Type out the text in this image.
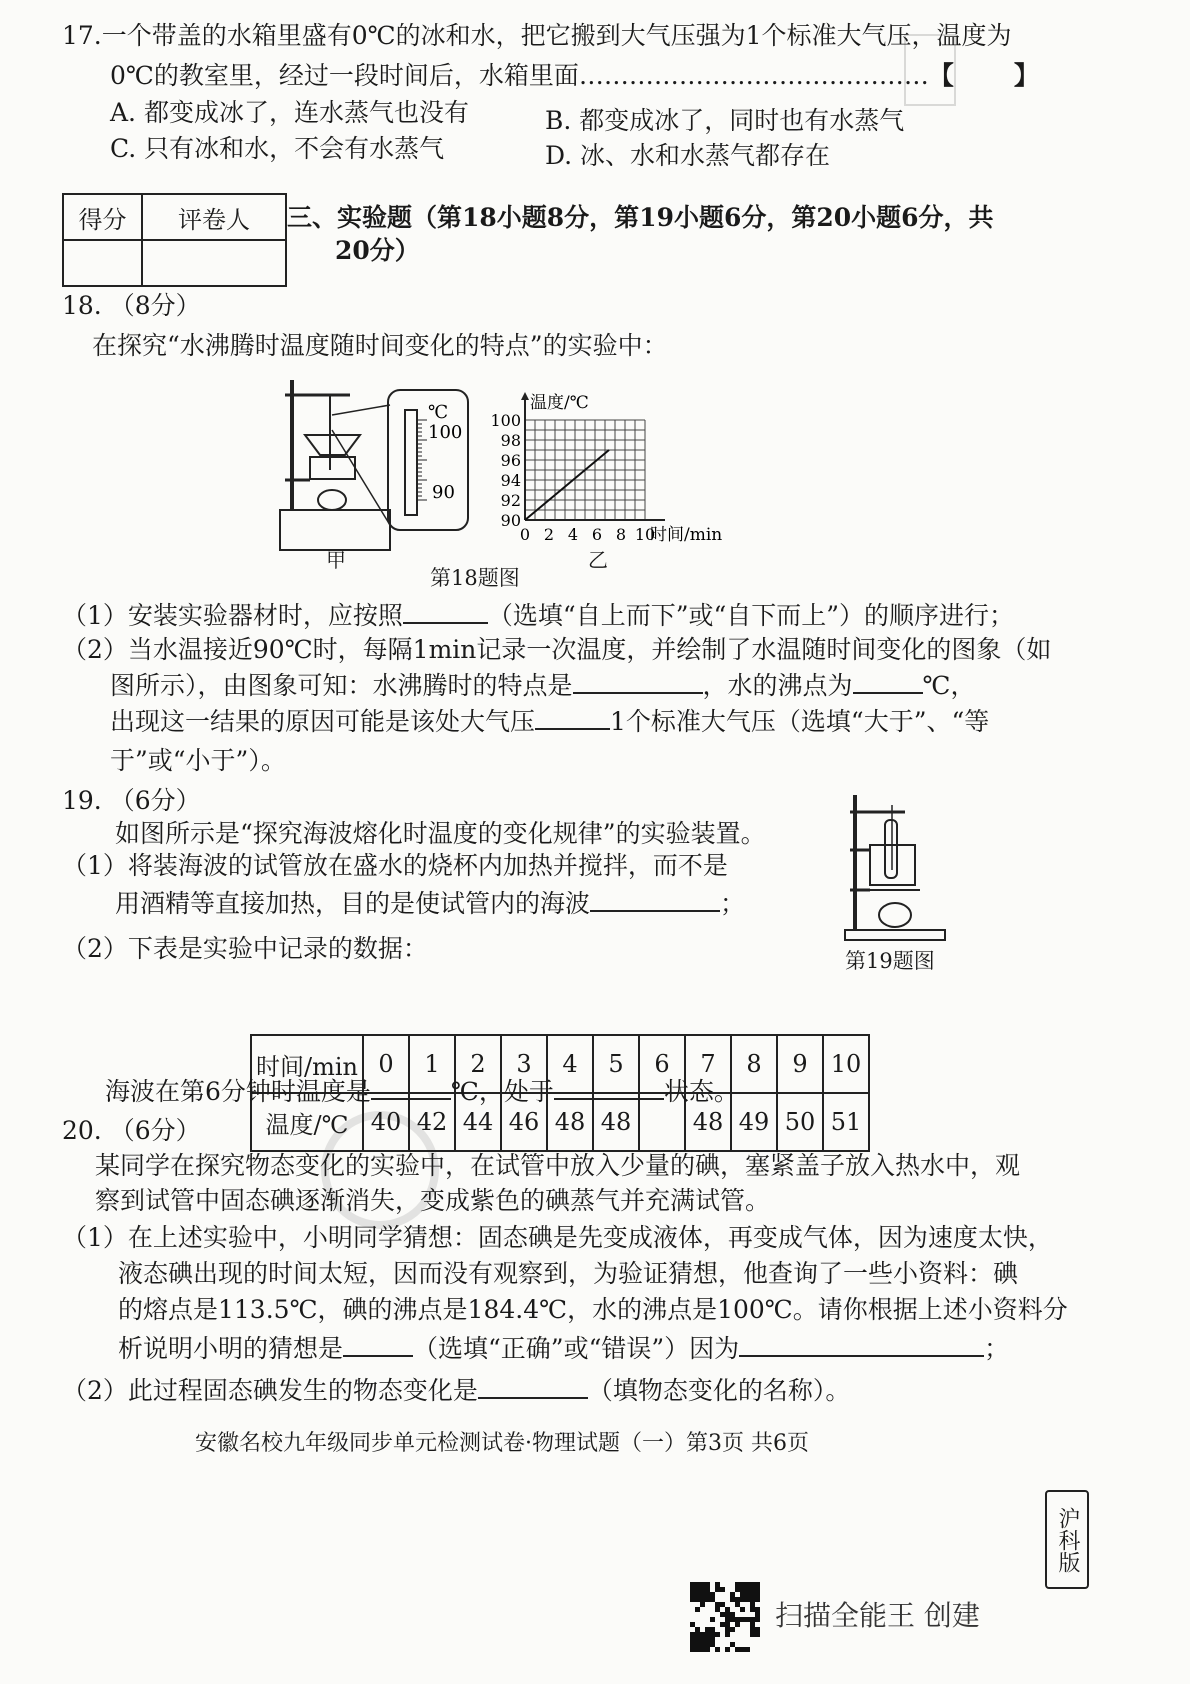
17.一个带盖的水箱里盛有0℃的冰和水，把它搬到大气压强为1个标准大气压，温度为
0℃的教室里，经过一段时间后，水箱里面……………………………………【 】
A. 都变成冰了，连水蒸气也没有	B. 都变成冰了，同时也有水蒸气
C. 只有冰和水，不会有水蒸气	D. 冰、水和水蒸气都存在
得分	评卷人
	三、实验题（第18小题8分，第19小题6分，第20小题6分，共
20分）
18. （8分）
在探究“水沸腾时温度随时间变化的特点”的实验中：
℃
100
90
甲
90
92
94
96
98
100
0 2 4 6 8 10
温度/℃
时间/min
乙
第18题图
（1）安装实验器材时，应按照	（选填“自上而下”或“自下而上”）的顺序进行；
（2）当水温接近90℃时，每隔1min记录一次温度，并绘制了水温随时间变化的图象（如
图所示），由图象可知：水沸腾时的特点是	，水的沸点为	℃，
出现这一结果的原因可能是该处大气压	1个标准大气压（选填“大于”、“等
于”或“小于”）。
19. （6分）
如图所示是“探究海波熔化时温度的变化规律”的实验装置。
（1）将装海波的试管放在盛水的烧杯内加热并搅拌，而不是
用酒精等直接加热，目的是使试管内的海波	；
（2）下表是实验中记录的数据：	第19题图
时间/min	0	1	2	3	4	5	6	7	8	9	10
温度/℃	40	42	44	46	48	48		48	49	50	51
海波在第6分钟时温度是	℃，处于	状态。
20. （6分）
某同学在探究物态变化的实验中，在试管中放入少量的碘，塞紧盖子放入热水中，观
察到试管中固态碘逐渐消失，变成紫色的碘蒸气并充满试管。
（1）在上述实验中，小明同学猜想：固态碘是先变成液体，再变成气体，因为速度太快，
液态碘出现的时间太短，因而没有观察到，为验证猜想，他查询了一些小资料：碘
的熔点是113.5℃，碘的沸点是184.4℃，水的沸点是100℃。请你根据上述小资料分
析说明小明的猜想是	（选填“正确”或“错误”）因为	；
（2）此过程固态碘发生的物态变化是	（填物态变化的名称）。
安徽名校九年级同步单元检测试卷·物理试题（一）第3页 共6页
沪科版
扫描全能王 创建
